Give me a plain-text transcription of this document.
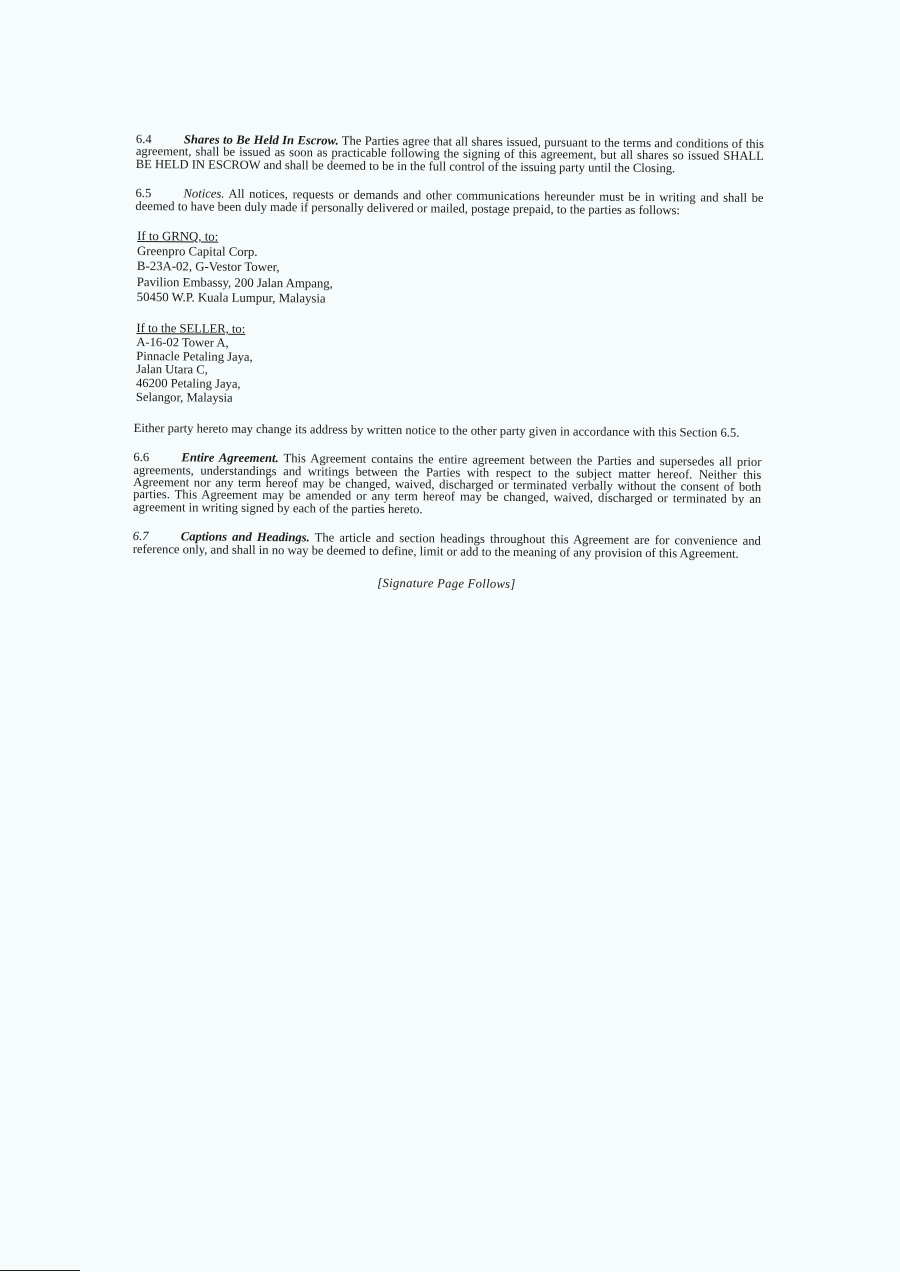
6.4	Shares to Be Held In Escrow. The Parties agree that all shares issued, pursuant to the terms and conditions of this agreement, shall be issued as soon as practicable following the signing of this agreement, but all shares so issued SHALL BE HELD IN ESCROW and shall be deemed to be in the full control of the issuing party until the Closing.

6.5	Notices. All notices, requests or demands and other communications hereunder must be in writing and shall be deemed to have been duly made if personally delivered or mailed, postage prepaid, to the parties as follows:

If to GRNQ, to:
Greenpro Capital Corp.
B-23A-02, G-Vestor Tower,
Pavilion Embassy, 200 Jalan Ampang,
50450 W.P. Kuala Lumpur, Malaysia
If to the SELLER, to:
A-16-02 Tower A,
Pinnacle Petaling Jaya,
Jalan Utara C,
46200 Petaling Jaya,
Selangor, Malaysia

Either party hereto may change its address by written notice to the other party given in accordance with this Section 6.5.

6.6	Entire Agreement. This Agreement contains the entire agreement between the Parties and supersedes all prior agreements, understandings and writings between the Parties with respect to the subject matter hereof. Neither this Agreement nor any term hereof may be changed, waived, discharged or terminated verbally without the consent of both parties. This Agreement may be amended or any term hereof may be changed, waived, discharged or terminated by an agreement in writing signed by each of the parties hereto.

6.7	Captions and Headings. The article and section headings throughout this Agreement are for convenience and reference only, and shall in no way be deemed to define, limit or add to the meaning of any provision of this Agreement.

[Signature Page Follows]
